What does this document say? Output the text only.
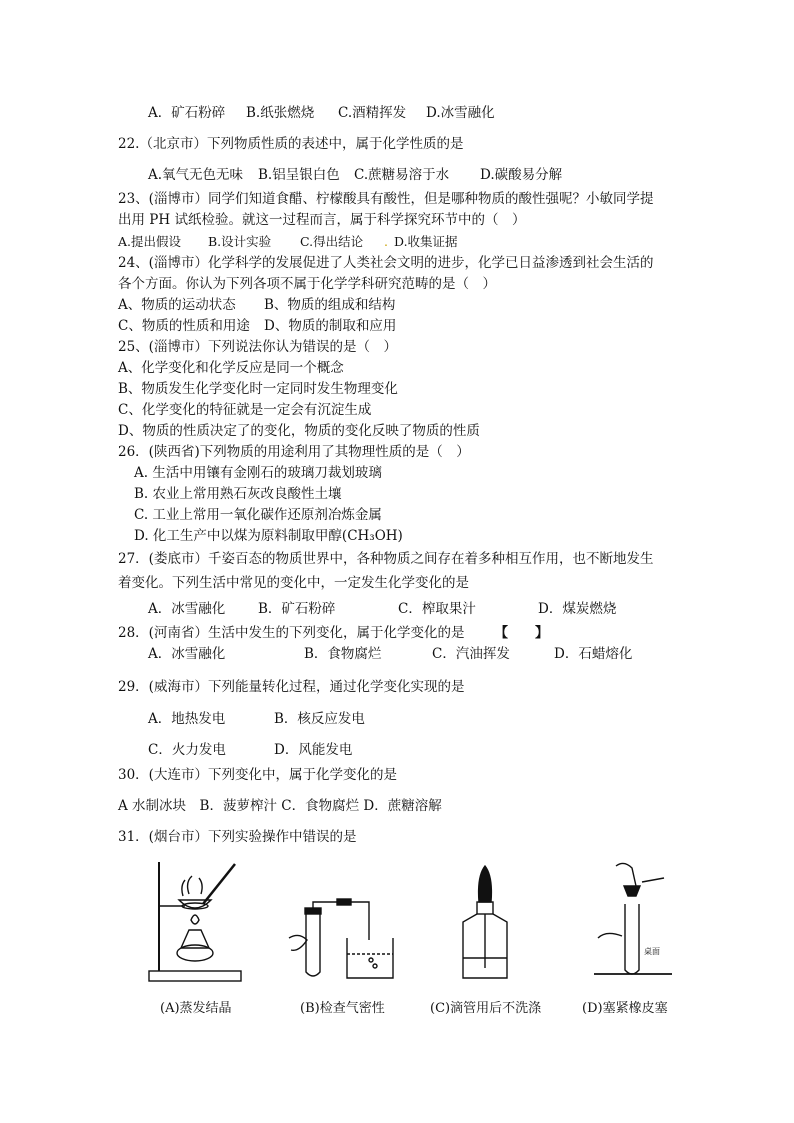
A．矿石粉碎 B.纸张燃烧 C.酒精挥发 D.冰雪融化
22.（北京市）下列物质性质的表述中，属于化学性质的是
A.氧气无色无味 B.铝呈银白色 C.蔗糖易溶于水 D.碳酸易分解
23、(淄博市）同学们知道食醋、柠檬酸具有酸性，但是哪种物质的酸性强呢？小敏同学提
出用 PH 试纸检验。就这一过程而言，属于科学探究环节中的（　）
A.提出假设 B.设计实验 C.得出结论 . D.收集证据
24、(淄博市）化学科学的发展促进了人类社会文明的进步，化学已日益渗透到社会生活的
各个方面。你认为下列各项不属于化学学科研究范畴的是（　）
A、物质的运动状态 B、物质的组成和结构
C、物质的性质和用途 D、物质的制取和应用
25、(淄博市）下列说法你认为错误的是（　）
A、化学变化和化学反应是同一个概念
B、物质发生化学变化时一定同时发生物理变化
C、化学变化的特征就是一定会有沉淀生成
D、物质的性质决定了的变化，物质的变化反映了物质的性质
26．(陕西省)下列物质的用途利用了其物理性质的是（　）
A. 生活中用镶有金刚石的玻璃刀裁划玻璃
B. 农业上常用熟石灰改良酸性土壤
C. 工业上常用一氧化碳作还原剂冶炼金属
D. 化工生产中以煤为原料制取甲醇(CH₃OH)
27．(娄底市）千姿百态的物质世界中，各种物质之间存在着多种相互作用，也不断地发生
着变化。下列生活中常见的变化中，一定发生化学变化的是
A．冰雪融化 B．矿石粉碎	C．榨取果汁	D．煤炭燃烧
28．(河南省）生活中发生的下列变化，属于化学变化的是 【　　】
A．冰雪融化	B．食物腐烂	C．汽油挥发	D．石蜡熔化
29．(威海市）下列能量转化过程，通过化学变化实现的是
A．地热发电	B．核反应发电
C．火力发电	D．风能发电
30．(大连市）下列变化中，属于化学变化的是
A 水制冰块　B．菠萝榨汁 C．食物腐烂 D．蔗糖溶解
31．(烟台市）下列实验操作中错误的是
(A)蒸发结晶	(B)检查气密性	(C)滴管用后不洗涤
桌面
(D)塞紧橡皮塞
